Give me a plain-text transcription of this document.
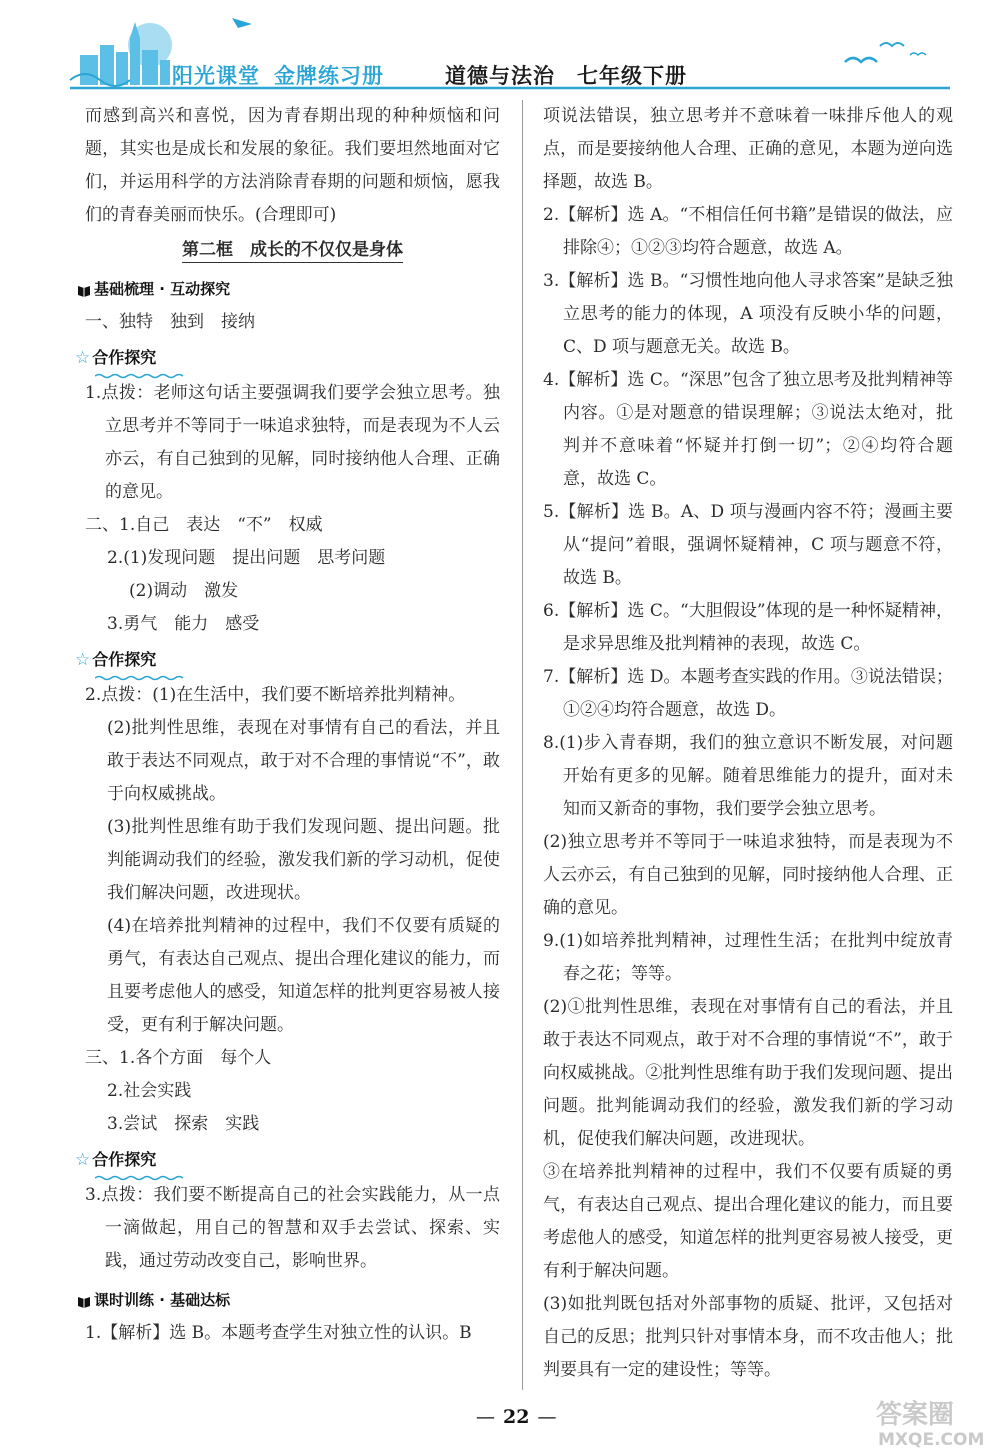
阳光课堂 金牌练习册	道德与法治 七年级下册

而感到高兴和喜悦，因为青春期出现的种种烦恼和问题，其实也是成长和发展的象征。我们要坦然地面对它们，并运用科学的方法消除青春期的问题和烦恼，愿我们的青春美丽而快乐。(合理即可)

第二框　成长的不仅仅是身体
基础梳理 · 互动探究

一、独特　独到　接纳

☆ 合作探究

1.点拨：老师这句话主要强调我们要学会独立思考。独立思考并不等同于一味追求独特，而是表现为不人云亦云，有自己独到的见解，同时接纳他人合理、正确的意见。

二、1.自己　表达　“不”　权威

2.(1)发现问题　提出问题　思考问题

(2)调动　激发

3.勇气　能力　感受

☆ 合作探究

2.点拨：(1)在生活中，我们要不断培养批判精神。

(2)批判性思维，表现在对事情有自己的看法，并且敢于表达不同观点，敢于对不合理的事情说“不”，敢于向权威挑战。

(3)批判性思维有助于我们发现问题、提出问题。批判能调动我们的经验，激发我们新的学习动机，促使我们解决问题，改进现状。

(4)在培养批判精神的过程中，我们不仅要有质疑的勇气，有表达自己观点、提出合理化建议的能力，而且要考虑他人的感受，知道怎样的批判更容易被人接受，更有利于解决问题。

三、1.各个方面　每个人

2.社会实践

3.尝试　探索　实践

☆ 合作探究

3.点拨：我们要不断提高自己的社会实践能力，从一点一滴做起，用自己的智慧和双手去尝试、探索、实践，通过劳动改变自己，影响世界。

课时训练 · 基础达标

1.【解析】选 B。本题考查学生对独立性的认识。B

项说法错误，独立思考并不意味着一味排斥他人的观点，而是要接纳他人合理、正确的意见，本题为逆向选择题，故选 B。

2.【解析】选 A。“不相信任何书籍”是错误的做法，应排除④；①②③均符合题意，故选 A。

3.【解析】选 B。“习惯性地向他人寻求答案”是缺乏独立思考的能力的体现，A 项没有反映小华的问题，C、D 项与题意无关。故选 B。

4.【解析】选 C。“深思”包含了独立思考及批判精神等内容。①是对题意的错误理解；③说法太绝对，批判并不意味着“怀疑并打倒一切”；②④均符合题意，故选 C。

5.【解析】选 B。A、D 项与漫画内容不符；漫画主要从“提问”着眼，强调怀疑精神，C 项与题意不符，故选 B。

6.【解析】选 C。“大胆假设”体现的是一种怀疑精神，是求异思维及批判精神的表现，故选 C。

7.【解析】选 D。本题考查实践的作用。③说法错误；①②④均符合题意，故选 D。

8.(1)步入青春期，我们的独立意识不断发展，对问题开始有更多的见解。随着思维能力的提升，面对未知而又新奇的事物，我们要学会独立思考。

(2)独立思考并不等同于一味追求独特，而是表现为不人云亦云，有自己独到的见解，同时接纳他人合理、正确的意见。

9.(1)如培养批判精神，过理性生活；在批判中绽放青春之花；等等。

(2)①批判性思维，表现在对事情有自己的看法，并且敢于表达不同观点，敢于对不合理的事情说“不”，敢于向权威挑战。②批判性思维有助于我们发现问题、提出问题。批判能调动我们的经验，激发我们新的学习动机，促使我们解决问题，改进现状。

③在培养批判精神的过程中，我们不仅要有质疑的勇气，有表达自己观点、提出合理化建议的能力，而且要考虑他人的感受，知道怎样的批判更容易被人接受，更有利于解决问题。

(3)如批判既包括对外部事物的质疑、批评，又包括对自己的反思；批判只针对事情本身，而不攻击他人；批判要具有一定的建设性；等等。

— 22 —	答案圈
MXQE.COM
